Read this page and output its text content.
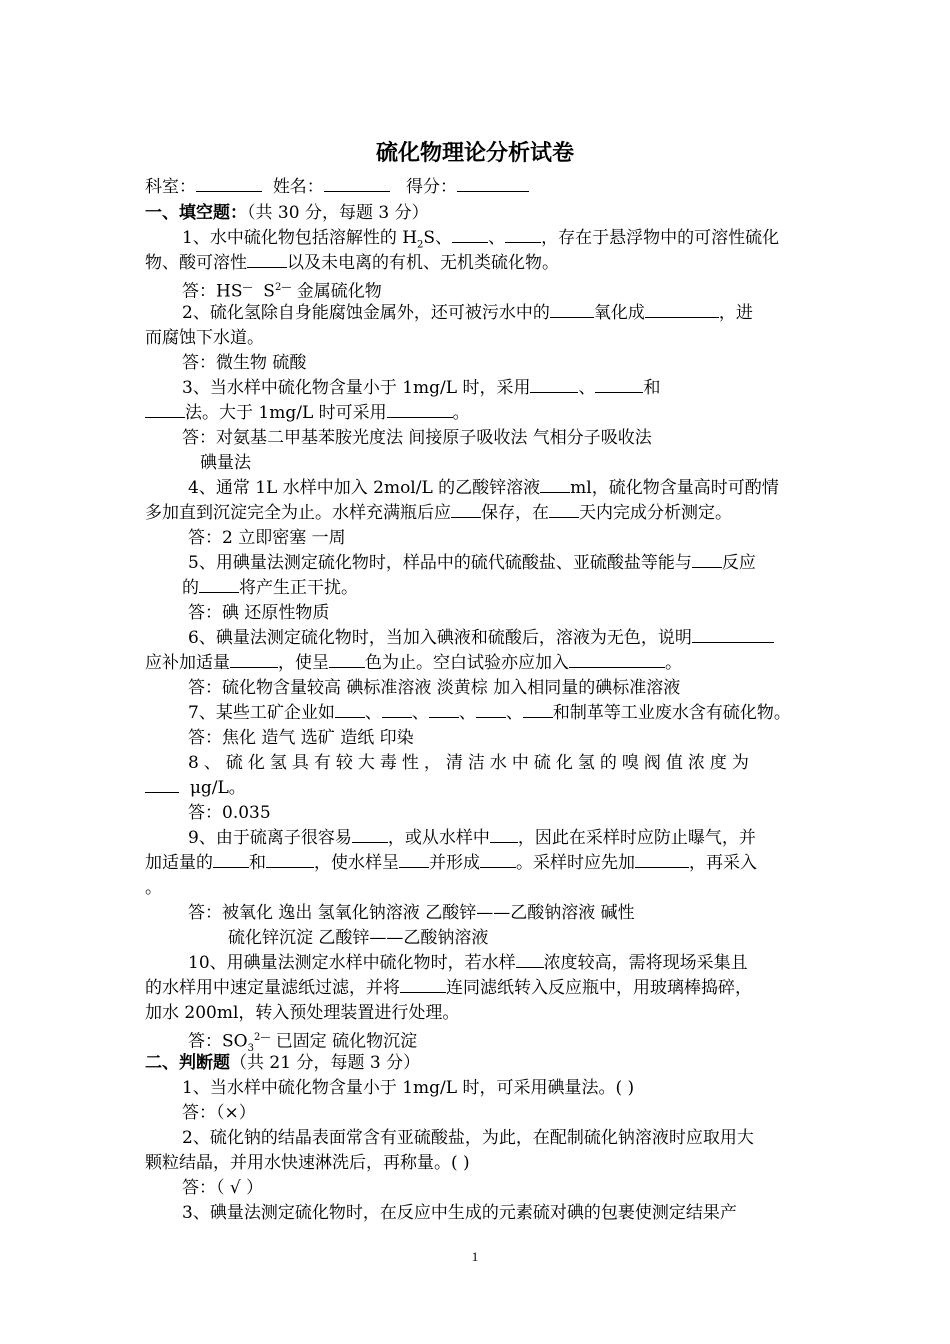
硫化物理论分析试卷
科室：	姓名：	得分：
一、填空题：（共 30 分，每题 3 分）
1、水中硫化物包括溶解性的 $H_2S$、 、 ，存在于悬浮物中的可溶性硫化
物、酸可溶性 以及未电离的有机、无机类硫化物。
答：HS— $S^{2—}$ 金属硫化物
2、硫化氢除自身能腐蚀金属外，还可被污水中的	氧化成	，进
而腐蚀下水道。
答：微生物 硫酸
3、当水样中硫化物含量小于 1mg/L 时，采用	、	和
法。大于 1mg/L 时可采用	。
答：对氨基二甲基苯胺光度法 间接原子吸收法 气相分子吸收法
碘量法
4、通常 1L 水样中加入 2mol/L 的乙酸锌溶液 ml，硫化物含量高时可酌情
多加直到沉淀完全为止。水样充满瓶后应 保存，在 天内完成分析测定。
答：2 立即密塞 一周
5、用碘量法测定硫化物时，样品中的硫代硫酸盐、亚硫酸盐等能与 反应
的 将产生正干扰。
答：碘 还原性物质
6、碘量法测定硫化物时，当加入碘液和硫酸后，溶液为无色，说明
应补加适量	，使呈 色为止。空白试验亦应加入	。
答：硫化物含量较高 碘标准溶液 淡黄棕 加入相同量的碘标准溶液
7、某些工矿企业如 、 、 、 、 和制革等工业废水含有硫化物。
答：焦化 造气 选矿 造纸 印染
8、硫化氢具有较大毒性，清洁水中硫化氢的嗅阀值浓度为
μg/L。
答：0.035
9、由于硫离子很容易 ，或从水样中 ，因此在采样时应防止曝气，并
加适量的 和	，使水样呈 并形成 。采样时应先加	，再采入
。
答：被氧化 逸出 氢氧化钠溶液 乙酸锌——乙酸钠溶液 碱性
硫化锌沉淀 乙酸锌——乙酸钠溶液
10、用碘量法测定水样中硫化物时，若水样 浓度较高，需将现场采集且
的水样用中速定量滤纸过滤，并将	连同滤纸转入反应瓶中，用玻璃棒捣碎，
加水 200ml，转入预处理装置进行处理。
答：$SO_3^{2—}$ 已固定 硫化物沉淀
二、判断题（共 21 分，每题 3 分）
1、当水样中硫化物含量小于 1mg/L 时，可采用碘量法。( )
答：（×）
2、硫化钠的结晶表面常含有亚硫酸盐，为此，在配制硫化钠溶液时应取用大
颗粒结晶，并用水快速淋洗后，再称量。( )
答：（ √ ）
3、碘量法测定硫化物时，在反应中生成的元素硫对碘的包裹使测定结果产
1
